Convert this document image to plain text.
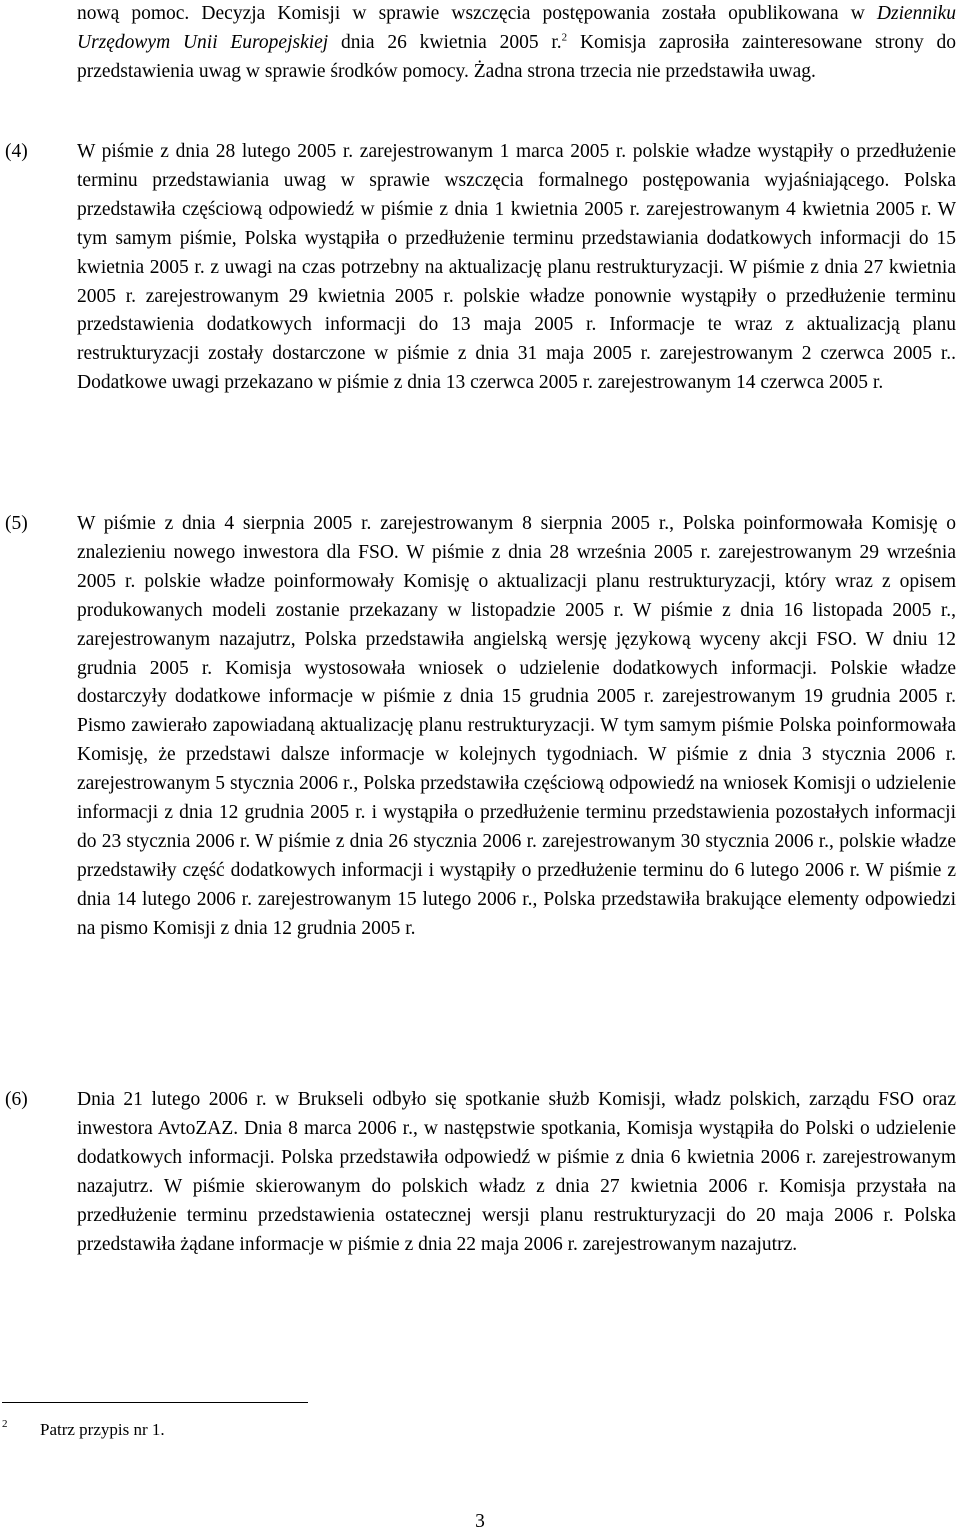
nową pomoc. Decyzja Komisji w sprawie wszczęcia postępowania została opublikowana w Dzienniku Urzędowym Unii Europejskiej dnia 26 kwietnia 2005 r.$^2$ Komisja zaprosiła zainteresowane strony do przedstawienia uwag w sprawie środków pomocy. Żadna strona trzecia nie przedstawiła uwag.

(4)	W piśmie z dnia 28 lutego 2005 r. zarejestrowanym 1 marca 2005 r. polskie władze wystąpiły o przedłużenie terminu przedstawiania uwag w sprawie wszczęcia formalnego postępowania wyjaśniającego. Polska przedstawiła częściową odpowiedź w piśmie z dnia 1 kwietnia 2005 r. zarejestrowanym 4 kwietnia 2005 r. W tym samym piśmie, Polska wystąpiła o przedłużenie terminu przedstawiania dodatkowych informacji do 15 kwietnia 2005 r. z uwagi na czas potrzebny na aktualizację planu restrukturyzacji. W piśmie z dnia 27 kwietnia 2005 r. zarejestrowanym 29 kwietnia 2005 r. polskie władze ponownie wystąpiły o przedłużenie terminu przedstawienia dodatkowych informacji do 13 maja 2005 r. Informacje te wraz z aktualizacją planu restrukturyzacji zostały dostarczone w piśmie z dnia 31 maja 2005 r. zarejestrowanym 2 czerwca 2005 r.. Dodatkowe uwagi przekazano w piśmie z dnia 13 czerwca 2005 r. zarejestrowanym 14 czerwca 2005 r.

(5)	W piśmie z dnia 4 sierpnia 2005 r. zarejestrowanym 8 sierpnia 2005 r., Polska poinformowała Komisję o znalezieniu nowego inwestora dla FSO. W piśmie z dnia 28 września 2005 r. zarejestrowanym 29 września 2005 r. polskie władze poinformowały Komisję o aktualizacji planu restrukturyzacji, który wraz z opisem produkowanych modeli zostanie przekazany w listopadzie 2005 r. W piśmie z dnia 16 listopada 2005 r., zarejestrowanym nazajutrz, Polska przedstawiła angielską wersję językową wyceny akcji FSO. W dniu 12 grudnia 2005 r. Komisja wystosowała wniosek o udzielenie dodatkowych informacji. Polskie władze dostarczyły dodatkowe informacje w piśmie z dnia 15 grudnia 2005 r. zarejestrowanym 19 grudnia 2005 r. Pismo zawierało zapowiadaną aktualizację planu restrukturyzacji. W tym samym piśmie Polska poinformowała Komisję, że przedstawi dalsze informacje w kolejnych tygodniach. W piśmie z dnia 3 stycznia 2006 r. zarejestrowanym 5 stycznia 2006 r., Polska przedstawiła częściową odpowiedź na wniosek Komisji o udzielenie informacji z dnia 12 grudnia 2005 r. i wystąpiła o przedłużenie terminu przedstawienia pozostałych informacji do 23 stycznia 2006 r. W piśmie z dnia 26 stycznia 2006 r. zarejestrowanym 30 stycznia 2006 r., polskie władze przedstawiły część dodatkowych informacji i wystąpiły o przedłużenie terminu do 6 lutego 2006 r. W piśmie z dnia 14 lutego 2006 r. zarejestrowanym 15 lutego 2006 r., Polska przedstawiła brakujące elementy odpowiedzi na pismo Komisji z dnia 12 grudnia 2005 r.

(6)	Dnia 21 lutego 2006 r. w Brukseli odbyło się spotkanie służb Komisji, władz polskich, zarządu FSO oraz inwestora AvtoZAZ. Dnia 8 marca 2006 r., w następstwie spotkania, Komisja wystąpiła do Polski o udzielenie dodatkowych informacji. Polska przedstawiła odpowiedź w piśmie z dnia 6 kwietnia 2006 r. zarejestrowanym nazajutrz. W piśmie skierowanym do polskich władz z dnia 27 kwietnia 2006 r. Komisja przystała na przedłużenie terminu przedstawienia ostatecznej wersji planu restrukturyzacji do 20 maja 2006 r. Polska przedstawiła żądane informacje w piśmie z dnia 22 maja 2006 r. zarejestrowanym nazajutrz.

2 Patrz przypis nr 1.
3
